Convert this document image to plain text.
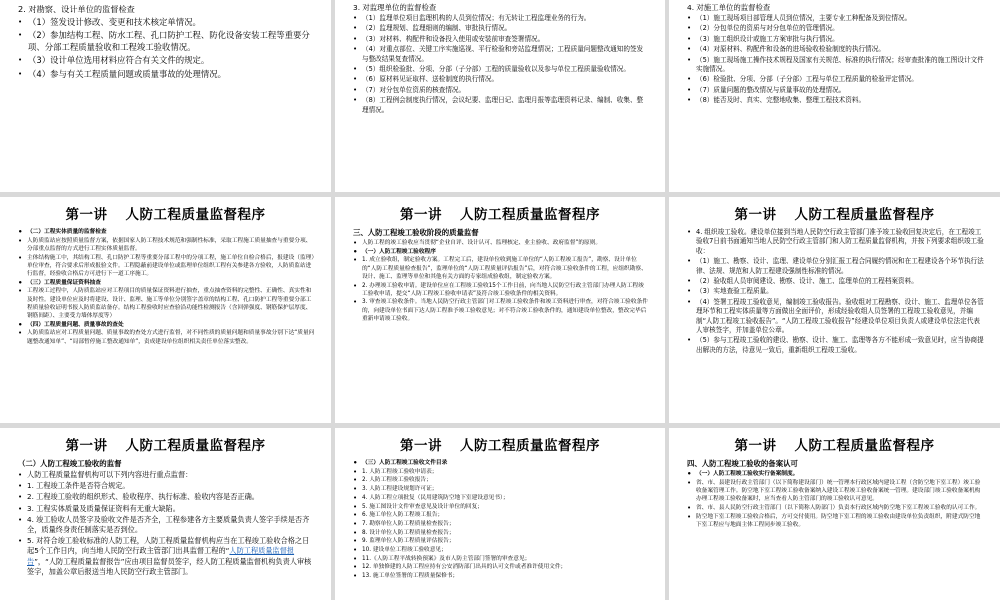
2. 对勘察、设计单位的监督检查
• （1）签发设计修改、变更和技术核定单情况。
• （2）参加结构工程、防水工程、孔口防护工程、防化设备安装工程等重要分项、分部工程质量验收和工程竣工验收情况。
• （3）设计单位选用材料应符合有关文件的规定。
• （4）参与有关工程质量问题或质量事故的处理情况。
3. 对监理单位的监督检查
• （1）监理单位项目监理机构的人员到位情况；有无转让工程监理业务的行为。
• （2）监理规划、监理细则的编制、审批执行情况。
• （3）对材料、构配件和设备投入使用或安装前审查签署情况。
• （4）对重点部位、关键工序实施巡视、平行检验和旁站监理情况；工程质量问题整改通知的签发与整改结果复查情况。
• （5）组织检验批、分项、分部（子分部）工程的质量验收以及参与单位工程质量验收情况。
• （6）原材料见证取样、送检制度的执行情况。
• （7）对分包单位资质的核查情况。
• （8）工程例会制度执行情况，会议纪要、监理日记、监理月报等监理资料记录、编制、收集、整理情况。
4. 对施工单位的监督检查
• （1）施工现场项目部管理人员到位情况，主要专业工种配备及到位情况。
• （2）分包单位的资质与对分包单位的管理情况。
• （3）施工组织设计或施工方案审批与执行情况。
• （4）对原材料、构配件和设备的进场验收检验制度的执行情况。
• （5）施工现场施工操作技术规程及国家有关规范、标准的执行情况；经审查批准的施工图设计文件实施情况。
• （6）检验批、分项、分部（子分部）工程与单位工程质量的检验评定情况。
• （7）质量问题的整改情况与质量事故的处理情况。
• （8）能否及时、真实、完整地收集、整理工程技术资料。
第一讲 人防工程质量监督程序
• （二）工程实体质量的监督检查
• 人防质监站应按照质量监督方案，依据国家人防工程技术规范和强制性标准，采取工程施工质量抽查与重要分项、分部重点监督的方式进行工程实体质量监督。
• 主体结构施工中，其结构工程、孔口防护工程等重要分部工程中的分项工程，施工单位自检合格后，报建设（监理）单位审查，符合要求后形成报验文件。工程隐蔽前建设单位或监理单位组织工程有关参建各方验收，人防质监站进行监督，经验收合格后方可进行下一道工序施工。
• （三）工程质量保证资料抽查
• 工程竣工过程中，人防质监站应对工程项目的质量保证资料进行抽查，重点抽查资料的完整性、正确性、真实性和及时性。建设单位应及时将建设、设计、监理、施工等单位分别签字盖章的结构工程、孔口防护工程等重要分部工程质量验收证明书报人防质监站备存。结构工程验收时应查验沿功能性检测报告（含回弹强度、钢筋保护层厚度、钢筋间距）、主要受力墙体厚度等）
• （四）工程质量问题、质量事故的查处
• 人防质监站应对工程质量问题、质量事故的查处方式进行监督，对不同性质的质量问题和质量事故分别下达“质量问题整改通知单”、“局部暂停施工整改通知单”，责成建设单位组织相关责任单位落实整改。
第一讲 人防工程质量监督程序
三、人防工程竣工验收阶段的质量监督
• 人防工程的竣工验收应当贯彻“企业自评、设计认可、监理核定、业主验收、政府监督”的原则。
• （一）人防工程竣工验收程序
• 1. 成立验收组，制定验收方案。工程完工后，建设单位收到施工单位的“人防工程竣工报告”，勘察、设计单位的“人防工程质量检查报告”，监理单位的“人防工程质量评估报告”后，对符合竣工验收条件的工程，应组织勘察、设计、施工、监理等单位和其他有关方面的专家组成验收组，制定验收方案。
• 2. 办理竣工验收申请。建设单位应在工程竣工验收15个工作日前，向当地人民防空行政主管部门办理人防工程竣工验收申请，提交“人防工程竣工验收申请表”及符合竣工验收条件的相关资料。
• 3. 审查竣工验收条件。当地人民防空行政主管部门对工程竣工验收条件和竣工资料进行审查，对符合竣工验收条件的，向建设单位书面下达人防工程准予竣工验收意见；对不符合竣工验收条件的，通知建设单位整改，整改完毕后重新申请竣工验收。
第一讲 人防工程质量监督程序
• 4. 组织竣工验收。建设单位接到当地人民防空行政主管部门准予竣工验收回复决定后，在工程竣工验收7日前书面通知当地人民防空行政主管部门和人防工程质量监督机构，并按下列要求组织竣工验收：
• （1）施工、勘察、设计、监理、建设单位分别汇报工程合同履约情况和在工程建设各个环节执行法律、法规、规范和人防工程建设强制性标准的情况。
• （2）验收组人员审阅建设、勘察、设计、施工、监理单位的工程档案资料。
• （3）实地查验工程质量。
• （4）签署工程竣工验收意见，编制竣工验收报告。验收组对工程勘察、设计、施工、监理单位各管理环节和工程实体质量等方面做出全面评价，形成经验收组人员签署的工程竣工验收意见，并编制“人防工程竣工验收报告”。“人防工程竣工验收报告”经建设单位项目负责人或建设单位法定代表人审核签字，并加盖单位公章。
• （5）参与工程竣工验收的建设、勘察、设计、施工、监理等各方不能形成一致意见时，应当协商提出解决的方法，待意见一致后，重新组织工程竣工验收。
第一讲 人防工程质量监督程序
（二）人防工程竣工验收的监督
• 人防工程质量监督机构可以下列内容进行重点监督：
• 1. 工程竣工条件是否符合规定。
• 2. 工程竣工验收的组织形式、验收程序、执行标准、验收内容是否正确。
• 3. 工程实体质量及质量保证资料有无重大缺陷。
• 4. 竣工验收人员签字及验收文件是否齐全，工程参建各方主要质量负责人签字手续是否齐全，质量终身责任制落实是否到位。
• 5. 对符合竣工验收标准的人防工程，人防工程质量监督机构应当在工程竣工验收合格之日起5个工作日内，向当地人民防空行政主管部门出具监督工程的“人防工程质量监督报告”，“人防工程质量监督报告”应由项目监督员签字，经人防工程质量监督机构负责人审核签字，加盖公章后报送当地人民防空行政主管部门。
第一讲 人防工程质量监督程序
• （三）人防工程竣工验收文件目录
• 1. 人防工程竣工验收申请表；
• 2. 人防工程竣工验收报告；
• 3. 人防工程建设规划许可证；
• 4. 人防工程立项批复（民用建筑防空地下室建设意见书）；
• 5. 施工图设计文件审查意见及设计单位的回复；
• 6. 施工单位人防工程竣工报告；
• 7. 勘察单位人防工程质量检查报告；
• 8. 设计单位人防工程质量检查报告；
• 9. 监理单位人防工程质量评估报告；
• 10. 建设单位工程竣工验收意见；
• 11.《人防工程平战转换预案》及市人防主管部门签署的审查意见；
• 12. 单独修建的人防工程应持有公安消防部门出具的认可文件或者准许使用文件；
• 13. 施工单位签署的工程质量保修书；
第一讲 人防工程质量监督程序
四、人防工程竣工验收的备案认可
• （一）人防工程竣工验收实行备案制度。
• 省、市、县建设行政主管部门（以下简称建设部门）统一管理本行政区域内建设工程（含防空地下室工程）竣工验收备案管理工作。防空地下室工程竣工验收备案纳入建设工程竣工验收备案统一管理。建设部门竣工验收备案机构办理工程竣工验收备案时，应当查看人防主管部门的竣工验收认可意见。
• 省、市、县人民防空行政主管部门（以下简称人防部门）负责本行政区域内防空地下室工程竣工验收的认可工作。
• 防空地下室工程竣工验收合格后，方可交付使用。防空地下室工程的竣工验收由建设单位负责组织，附建式防空地下室工程应与地面主体工程同步竣工验收。
